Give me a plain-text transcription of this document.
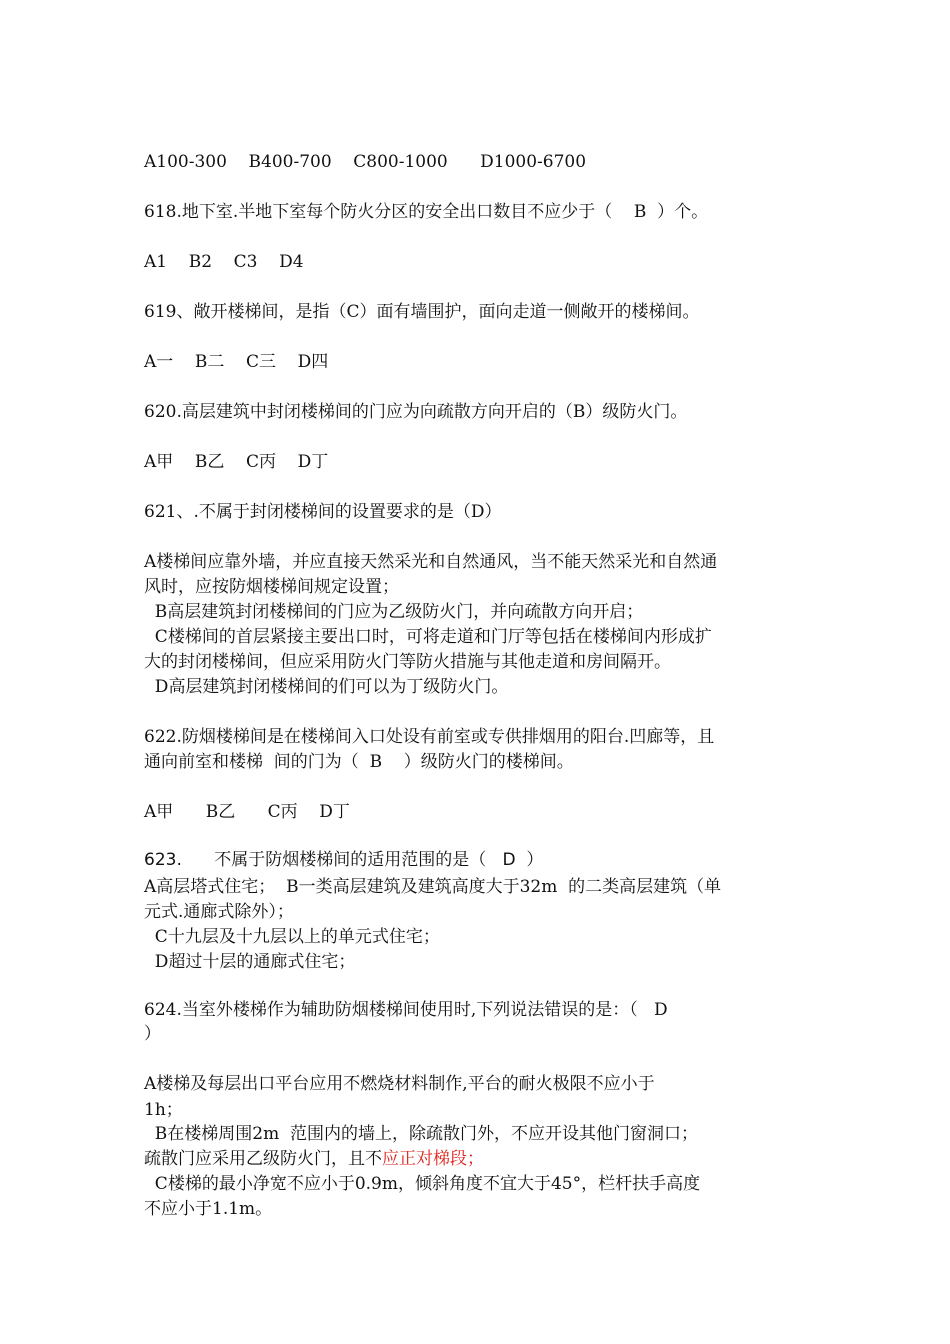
A100-300    B400-700    C800-1000      D1000-6700
618.地下室.半地下室每个防火分区的安全出口数目不应少于（    B  ）个。
A1    B2    C3    D4
619、敞开楼梯间，是指（C）面有墙围护，面向走道一侧敞开的楼梯间。
A一    B二    C三    D四
620.高层建筑中封闭楼梯间的门应为向疏散方向开启的（B）级防火门。
A甲    B乙    C丙    D丁
621、.不属于封闭楼梯间的设置要求的是（D）
A楼梯间应靠外墙，并应直接天然采光和自然通风，当不能天然采光和自然通
风时，应按防烟楼梯间规定设置；
B高层建筑封闭楼梯间的门应为乙级防火门，并向疏散方向开启；
C楼梯间的首层紧接主要出口时，可将走道和门厅等包括在楼梯间内形成扩
大的封闭楼梯间，但应采用防火门等防火措施与其他走道和房间隔开。
D高层建筑封闭楼梯间的们可以为丁级防火门。
622.防烟楼梯间是在楼梯间入口处设有前室或专供排烟用的阳台.凹廊等，且
通向前室和楼梯  间的门为（  B    ）级防火门的楼梯间。
A甲      B乙      C丙    D丁
623.      不属于防烟楼梯间的适用范围的是（   D  ）
A高层塔式住宅；  B一类高层建筑及建筑高度大于32m  的二类高层建筑（单
元式.通廊式除外）；
C十九层及十九层以上的单元式住宅；
D超过十层的通廊式住宅；
624.当室外楼梯作为辅助防烟楼梯间使用时,下列说法错误的是：（   D
）
A楼梯及每层出口平台应用不燃烧材料制作,平台的耐火极限不应小于
1h；
B在楼梯周围2m  范围内的墙上，除疏散门外，不应开设其他门窗洞口；
疏散门应采用乙级防火门，且不应正对梯段；
C楼梯的最小净宽不应小于0.9m，倾斜角度不宜大于45°，栏杆扶手高度
不应小于1.1m。
